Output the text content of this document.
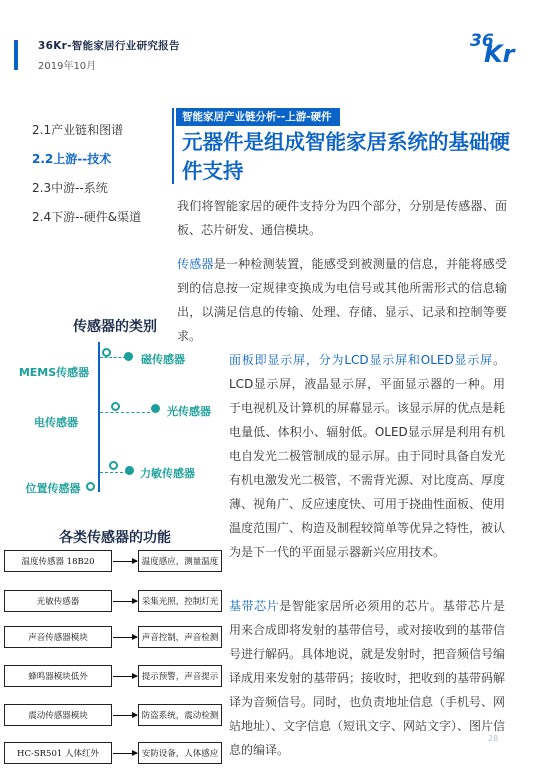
36Kr-智能家居行业研究报告
2019年10月
36
Kr
2.1产业链和图谱
2.2上游--技术
2.3中游--系统
2.4下游--硬件&渠道
智能家居产业链分析--上游-硬件
元器件是组成智能家居系统的基础硬件支持

我们将智能家居的硬件支持分为四个部分，分别是传感器、面板、芯片研发、通信模块。

传感器是一种检测装置，能感受到被测量的信息，并能将感受到的信息按一定规律变换成为电信号或其他所需形式的信息输出，以满足信息的传输、处理、存储、显示、记录和控制等要求。

面板即显示屏，分为LCD显示屏和OLED显示屏。LCD显示屏，液晶显示屏，平面显示器的一种。用于电视机及计算机的屏幕显示。该显示屏的优点是耗电量低、体积小、辐射低。OLED显示屏是利用有机电自发光二极管制成的显示屏。由于同时具备自发光有机电激发光二极管，不需背光源、对比度高、厚度薄、视角广、反应速度快、可用于挠曲性面板、使用温度范围广、构造及制程较简单等优异之特性，被认为是下一代的平面显示器新兴应用技术。

基带芯片是智能家居所必须用的芯片。基带芯片是用来合成即将发射的基带信号，或对接收到的基带信号进行解码。具体地说，就是发射时，把音频信号编译成用来发射的基带码；接收时，把收到的基带码解译为音频信号。同时，也负责地址信息（手机号、网站地址）、文字信息（短讯文字、网站文字）、图片信息的编译。

传感器的类别
MEMS传感器
电传感器
位置传感器
磁传感器
光传感器
力敏传感器
各类传感器的功能
温度传感器 18B20	温度感应，测量温度
光敏传感器	采集光照，控制灯光
声音传感器模块	声音控制，声音检测
蜂鸣器模块低外	提示预警，声音提示
震动传感器模块	防盗系统，震动检测
HC-SR501 人体红外	安防设备，人体感应
28
